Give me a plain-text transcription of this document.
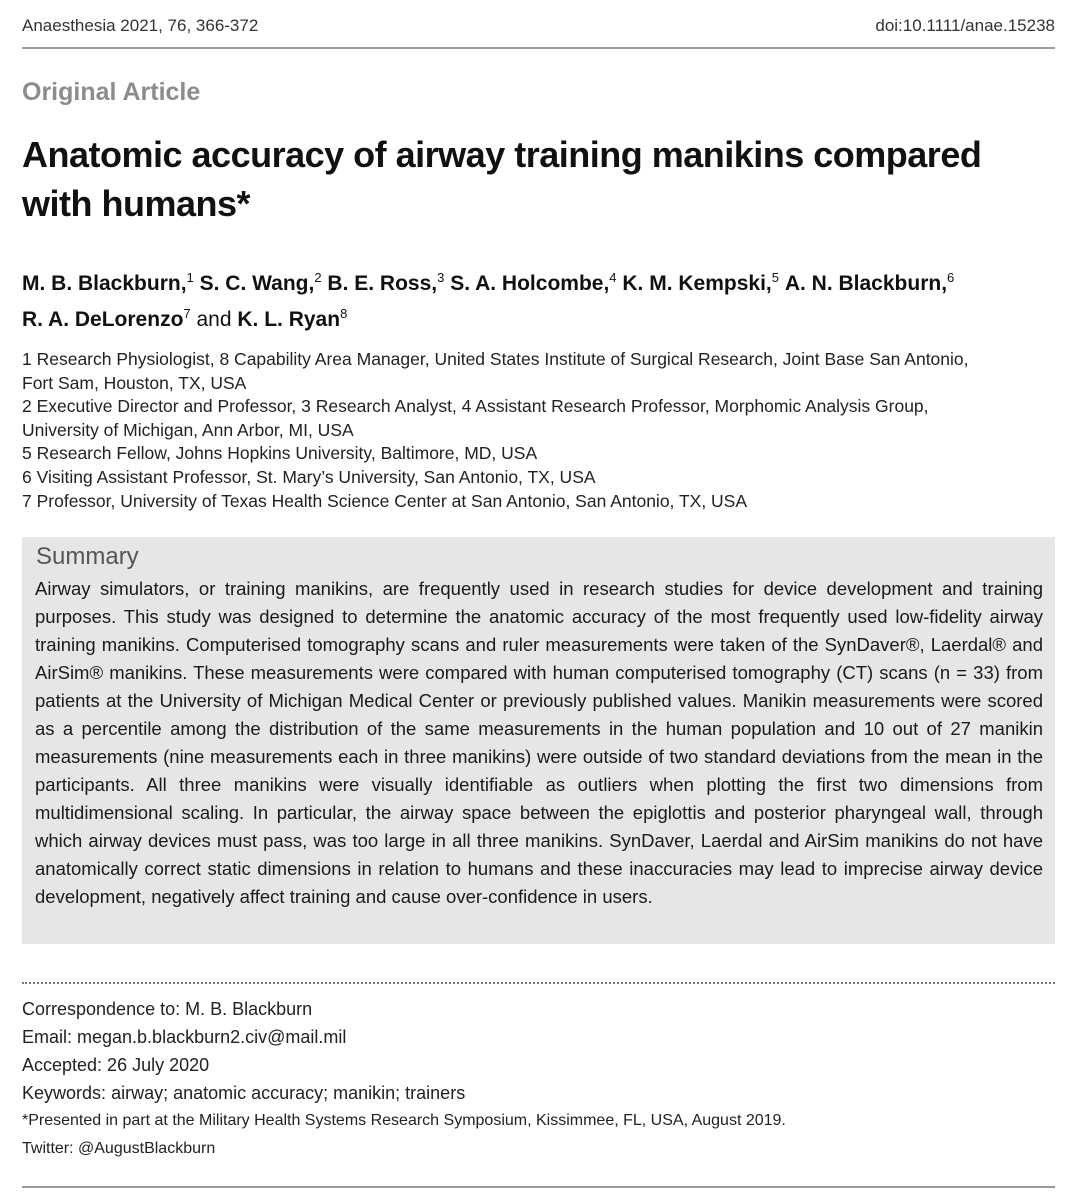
Anaesthesia 2021, 76, 366-372	doi:10.1111/anae.15238
Original Article
Anatomic accuracy of airway training manikins compared
with humans*
M. B. Blackburn,$^1$ S. C. Wang,$^2$ B. E. Ross,$^3$ S. A. Holcombe,$^4$ K. M. Kempski,$^5$ A. N. Blackburn,$^6$
R. A. DeLorenzo$^7$ and K. L. Ryan$^8$
1 Research Physiologist, 8 Capability Area Manager, United States Institute of Surgical Research, Joint Base San Antonio,
Fort Sam, Houston, TX, USA
2 Executive Director and Professor, 3 Research Analyst, 4 Assistant Research Professor, Morphomic Analysis Group,
University of Michigan, Ann Arbor, MI, USA
5 Research Fellow, Johns Hopkins University, Baltimore, MD, USA
6 Visiting Assistant Professor, St. Mary’s University, San Antonio, TX, USA
7 Professor, University of Texas Health Science Center at San Antonio, San Antonio, TX, USA
Summary
Airway simulators, or training manikins, are frequently used in research studies for device development and training purposes. This study was designed to determine the anatomic accuracy of the most frequently used low-fidelity airway training manikins. Computerised tomography scans and ruler measurements were taken of the SynDaver®, Laerdal® and AirSim® manikins. These measurements were compared with human computerised tomography (CT) scans (n = 33) from patients at the University of Michigan Medical Center or previously published values. Manikin measurements were scored as a percentile among the distribution of the same measurements in the human population and 10 out of 27 manikin measurements (nine measurements each in three manikins) were outside of two standard deviations from the mean in the participants. All three manikins were visually identifiable as outliers when plotting the first two dimensions from multidimensional scaling. In particular, the airway space between the epiglottis and posterior pharyngeal wall, through which airway devices must pass, was too large in all three manikins. SynDaver, Laerdal and AirSim manikins do not have anatomically correct static dimensions in relation to humans and these inaccuracies may lead to imprecise airway device development, negatively affect training and cause over-confidence in users.
Correspondence to: M. B. Blackburn
Email: megan.b.blackburn2.civ@mail.mil
Accepted: 26 July 2020
Keywords: airway; anatomic accuracy; manikin; trainers
*Presented in part at the Military Health Systems Research Symposium, Kissimmee, FL, USA, August 2019.
Twitter: @AugustBlackburn
